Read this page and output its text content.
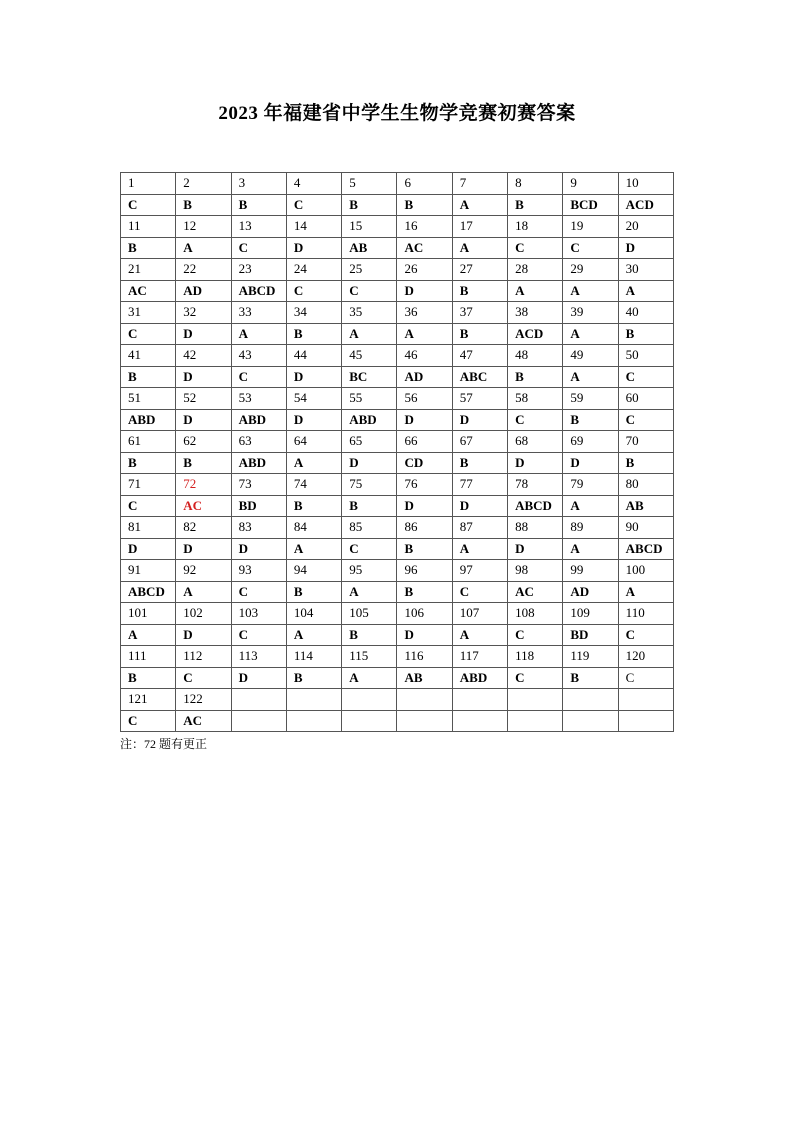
2023 年福建省中学生生物学竞赛初赛答案
1	2	3	4	5	6	7	8	9	10
C	B	B	C	B	B	A	B	BCD	ACD
11	12	13	14	15	16	17	18	19	20
B	A	C	D	AB	AC	A	C	C	D
21	22	23	24	25	26	27	28	29	30
AC	AD	ABCD	C	C	D	B	A	A	A
31	32	33	34	35	36	37	38	39	40
C	D	A	B	A	A	B	ACD	A	B
41	42	43	44	45	46	47	48	49	50
B	D	C	D	BC	AD	ABC	B	A	C
51	52	53	54	55	56	57	58	59	60
ABD	D	ABD	D	ABD	D	D	C	B	C
61	62	63	64	65	66	67	68	69	70
B	B	ABD	A	D	CD	B	D	D	B
71	72	73	74	75	76	77	78	79	80
C	AC	BD	B	B	D	D	ABCD	A	AB
81	82	83	84	85	86	87	88	89	90
D	D	D	A	C	B	A	D	A	ABCD
91	92	93	94	95	96	97	98	99	100
ABCD	A	C	B	A	B	C	AC	AD	A
101	102	103	104	105	106	107	108	109	110
A	D	C	A	B	D	A	C	BD	C
111	112	113	114	115	116	117	118	119	120
B	C	D	B	A	AB	ABD	C	B	C
121	122								
C	AC								
注：72 题有更正
